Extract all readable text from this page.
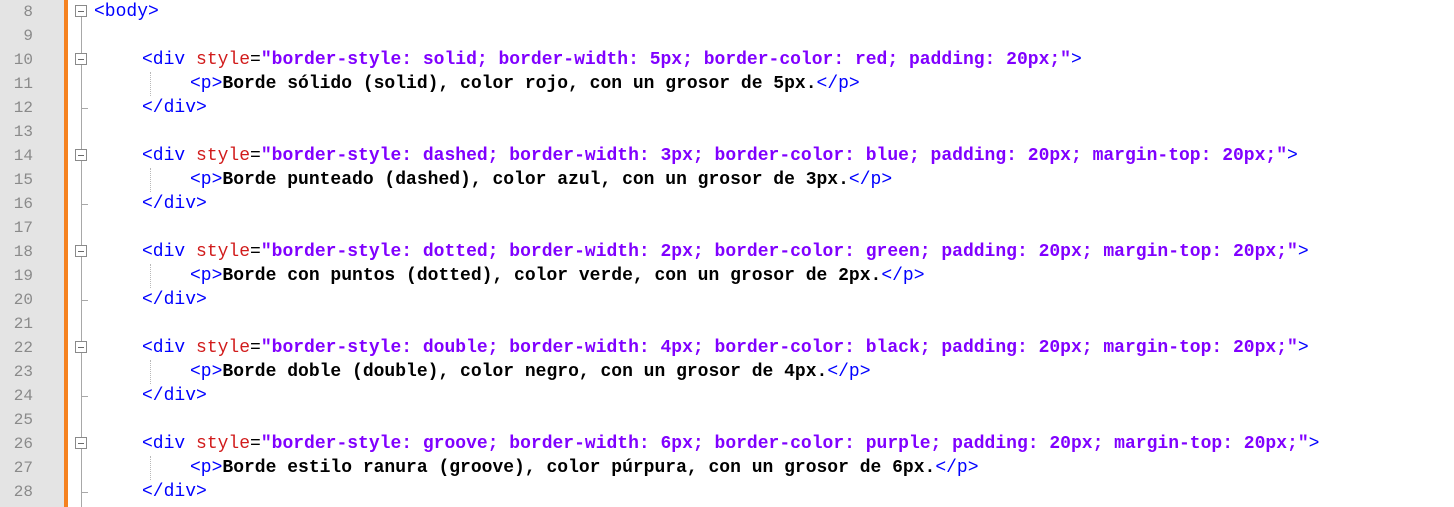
8	<body>
9
10	<div style="border-style: solid; border-width: 5px; border-color: red; padding: 20px;">
11	<p>Borde sólido (solid), color rojo, con un grosor de 5px.</p>
12	</div>
13
14	<div style="border-style: dashed; border-width: 3px; border-color: blue; padding: 20px; margin-top: 20px;">
15	<p>Borde punteado (dashed), color azul, con un grosor de 3px.</p>
16	</div>
17
18	<div style="border-style: dotted; border-width: 2px; border-color: green; padding: 20px; margin-top: 20px;">
19	<p>Borde con puntos (dotted), color verde, con un grosor de 2px.</p>
20	</div>
21
22	<div style="border-style: double; border-width: 4px; border-color: black; padding: 20px; margin-top: 20px;">
23	<p>Borde doble (double), color negro, con un grosor de 4px.</p>
24	</div>
25
26	<div style="border-style: groove; border-width: 6px; border-color: purple; padding: 20px; margin-top: 20px;">
27	<p>Borde estilo ranura (groove), color púrpura, con un grosor de 6px.</p>
28	</div>
